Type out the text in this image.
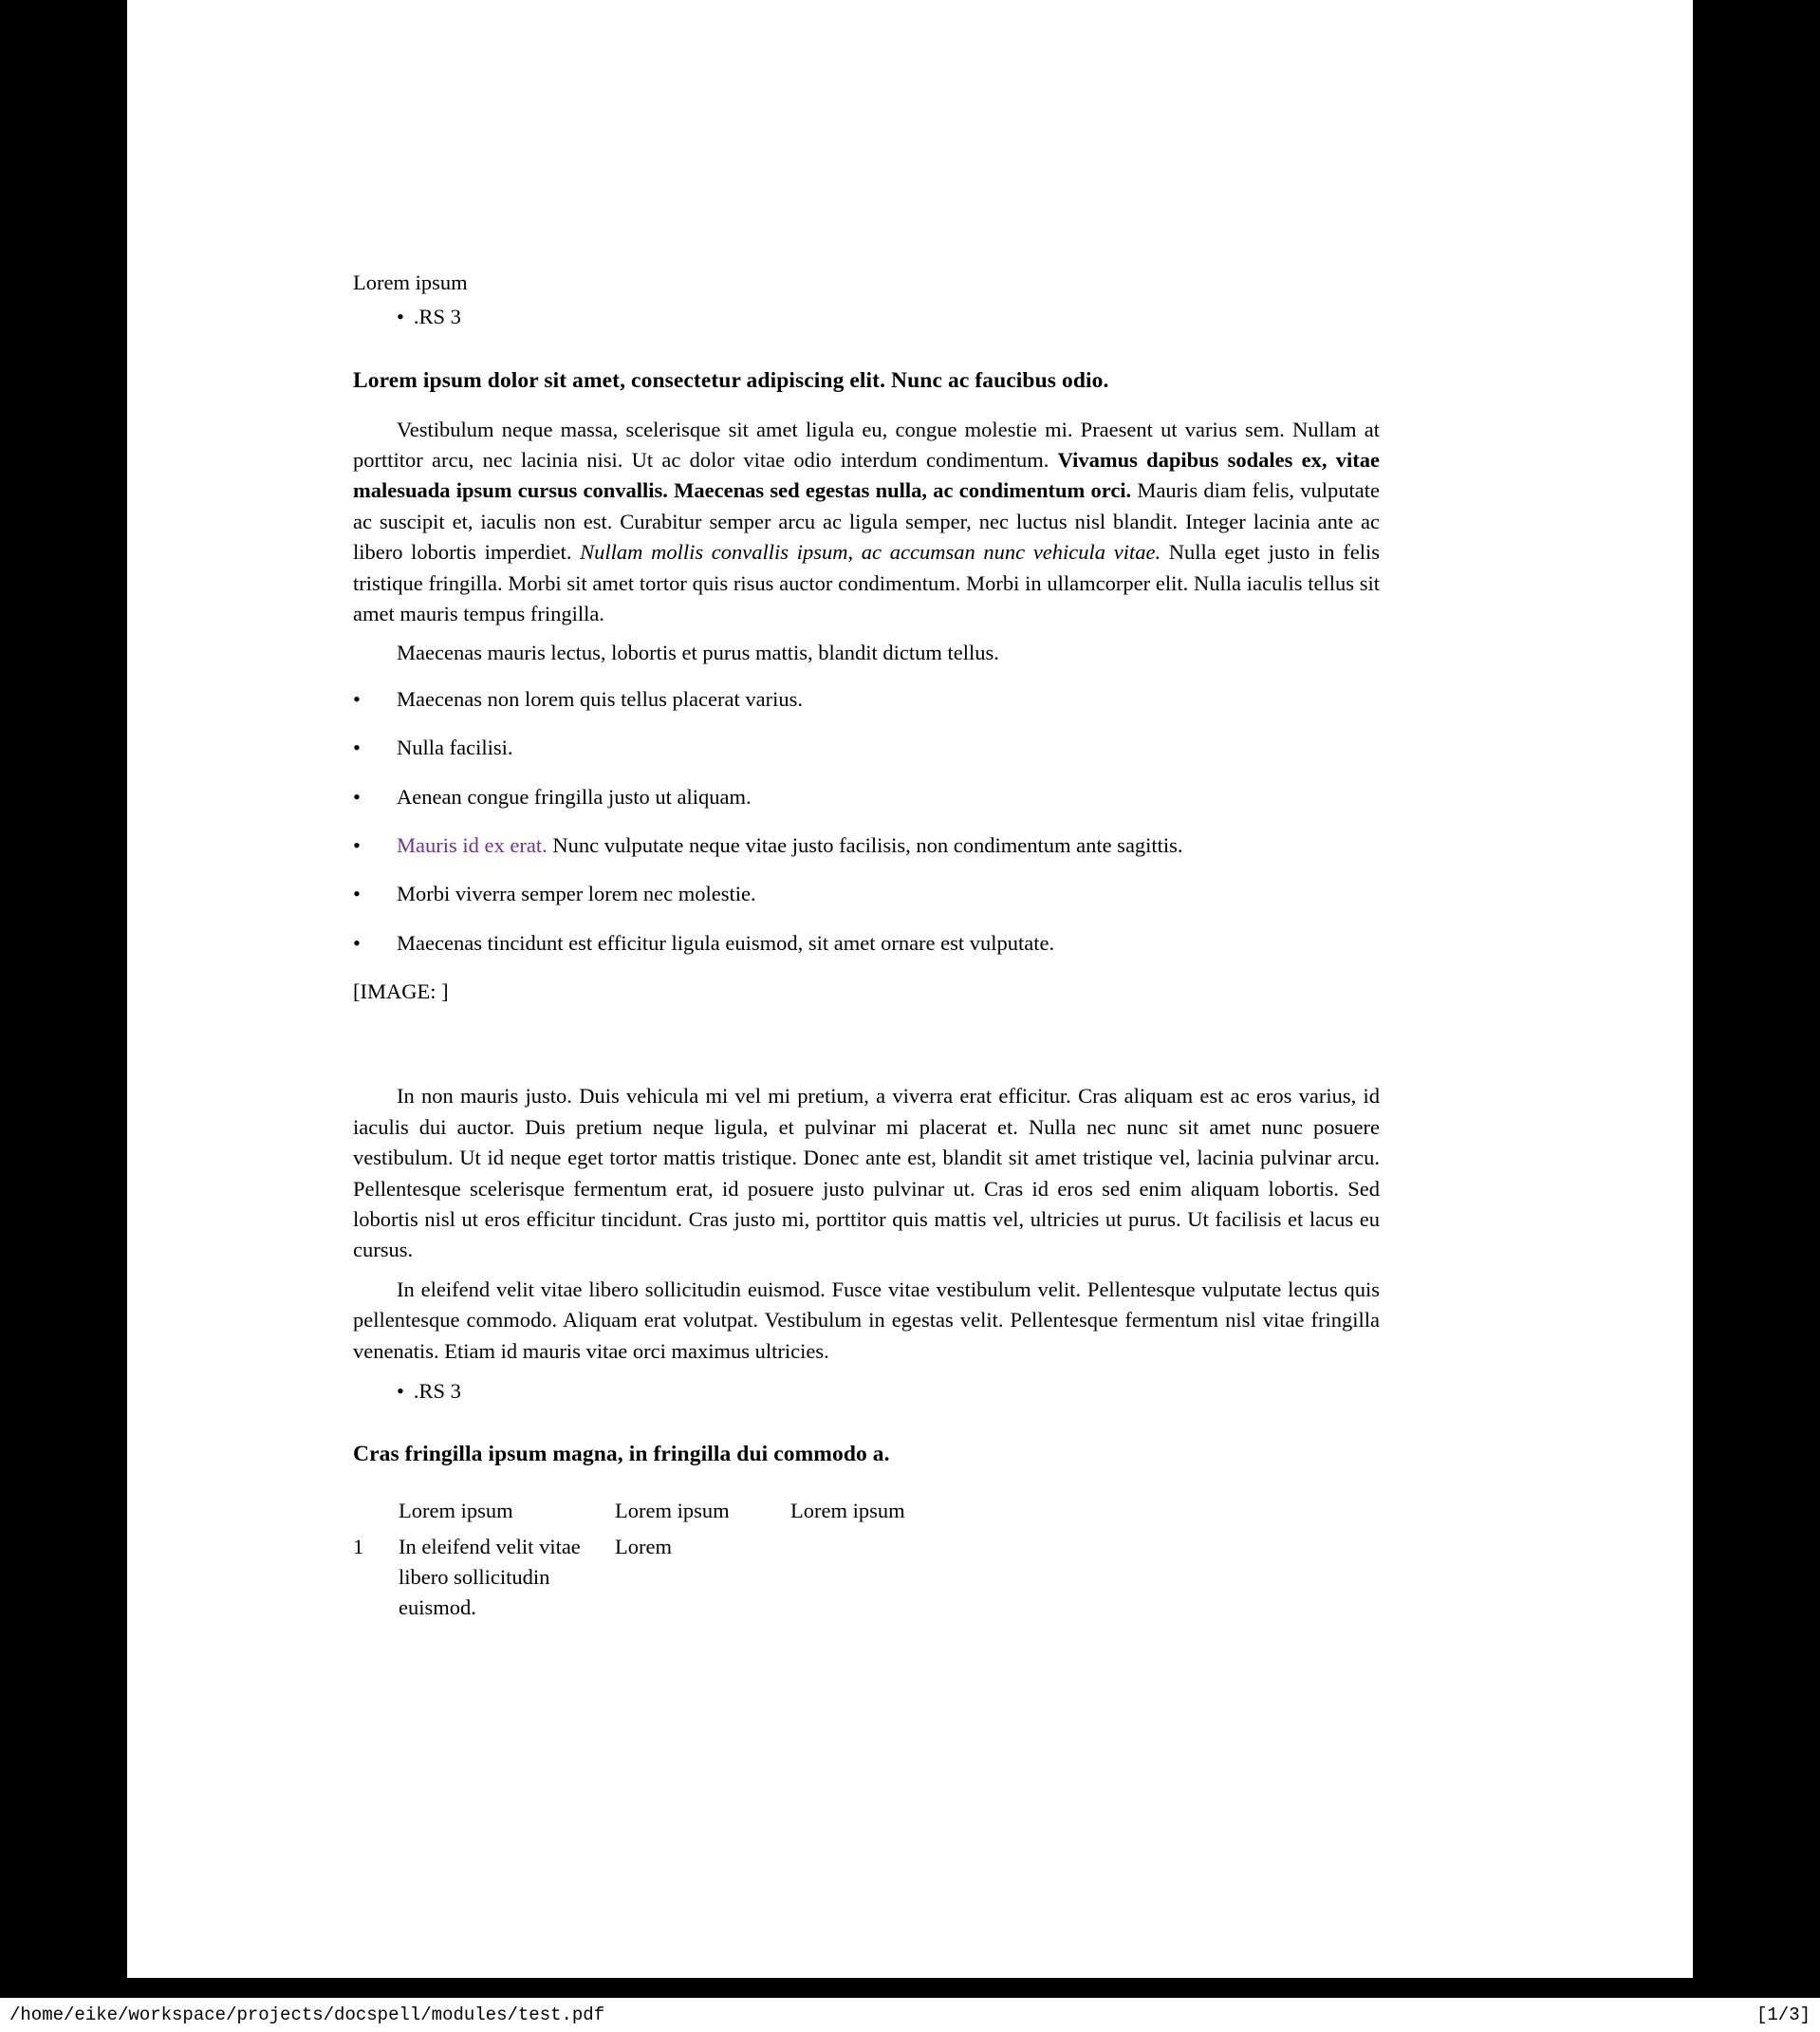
Lorem ipsum

• .RS 3

Lorem ipsum dolor sit amet, consectetur adipiscing elit. Nunc ac faucibus odio.

Vestibulum neque massa, scelerisque sit amet ligula eu, congue molestie mi. Praesent ut varius sem. Nullam at porttitor arcu, nec lacinia nisi. Ut ac dolor vitae odio interdum condimentum. Vivamus dapibus sodales ex, vitae malesuada ipsum cursus convallis. Maecenas sed egestas nulla, ac condimentum orci. Mauris diam felis, vulputate ac suscipit et, iaculis non est. Curabitur semper arcu ac ligula semper, nec luctus nisl blandit. Integer lacinia ante ac libero lobortis imperdiet. Nullam mollis convallis ipsum, ac accumsan nunc vehicula vitae. Nulla eget justo in felis tristique fringilla. Morbi sit amet tortor quis risus auctor condimentum. Morbi in ullamcorper elit. Nulla iaculis tellus sit amet mauris tempus fringilla.

Maecenas mauris lectus, lobortis et purus mattis, blandit dictum tellus.

• Maecenas non lorem quis tellus placerat varius.
• Nulla facilisi.
• Aenean congue fringilla justo ut aliquam.
• Mauris id ex erat. Nunc vulputate neque vitae justo facilisis, non condimentum ante sagittis.
• Morbi viverra semper lorem nec molestie.
• Maecenas tincidunt est efficitur ligula euismod, sit amet ornare est vulputate.
[IMAGE: ]

In non mauris justo. Duis vehicula mi vel mi pretium, a viverra erat efficitur. Cras aliquam est ac eros varius, id iaculis dui auctor. Duis pretium neque ligula, et pulvinar mi placerat et. Nulla nec nunc sit amet nunc posuere vestibulum. Ut id neque eget tortor mattis tristique. Donec ante est, blandit sit amet tristique vel, lacinia pulvinar arcu. Pellentesque scelerisque fermentum erat, id posuere justo pulvinar ut. Cras id eros sed enim aliquam lobortis. Sed lobortis nisl ut eros efficitur tincidunt. Cras justo mi, porttitor quis mattis vel, ultricies ut purus. Ut facilisis et lacus eu cursus.

In eleifend velit vitae libero sollicitudin euismod. Fusce vitae vestibulum velit. Pellentesque vulputate lectus quis pellentesque commodo. Aliquam erat volutpat. Vestibulum in egestas velit. Pellentesque fermentum nisl vitae fringilla venenatis. Etiam id mauris vitae orci maximus ultricies.

• .RS 3

Cras fringilla ipsum magna, in fringilla dui commodo a.
	Lorem ipsum	Lorem ipsum	Lorem ipsum
1	In eleifend velit vitae libero sollicitudin euismod.	Lorem	
/home/eike/workspace/projects/docspell/modules/test.pdf	[1/3]
